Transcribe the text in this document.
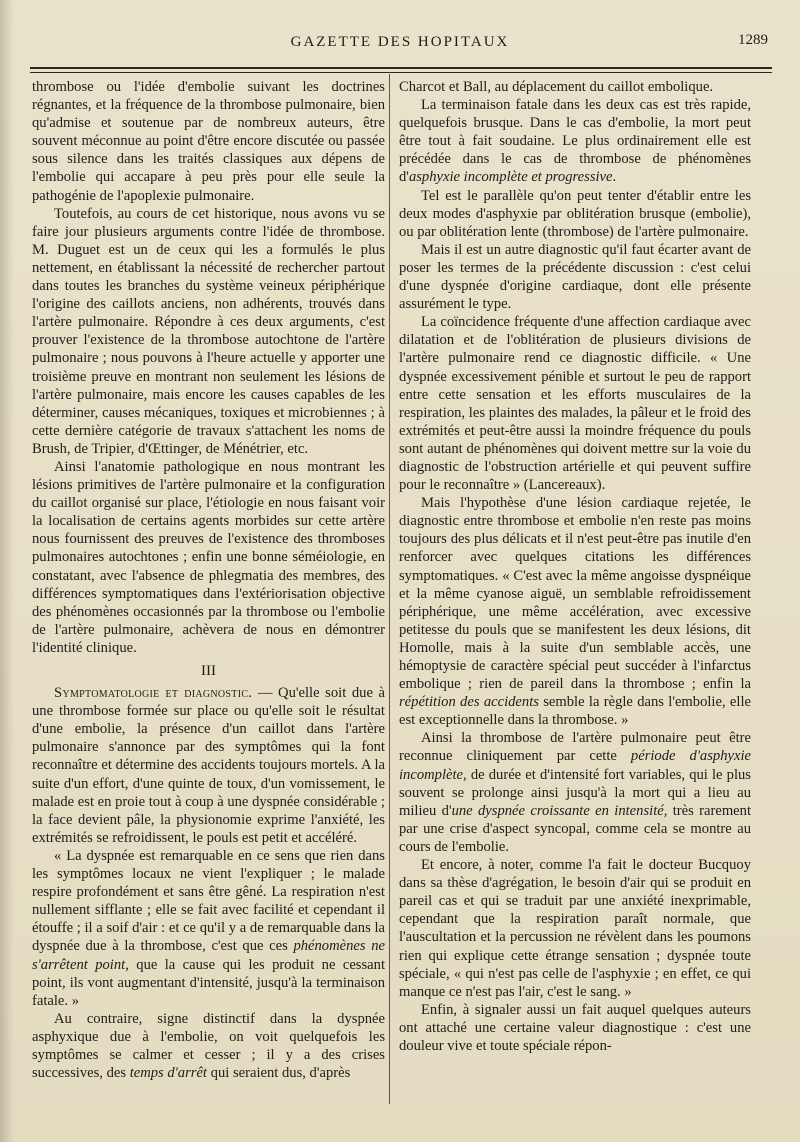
GAZETTE DES HOPITAUX	1289

thrombose ou l'idée d'embolie suivant les doctrines régnantes, et la fréquence de la thrombose pulmonaire, bien qu'admise et soutenue par de nombreux auteurs, être souvent méconnue au point d'être encore discutée ou passée sous silence dans les traités classiques aux dépens de l'embolie qui accapare à peu près pour elle seule la pathogénie de l'apoplexie pulmonaire.

Toutefois, au cours de cet historique, nous avons vu se faire jour plusieurs arguments contre l'idée de thrombose. M. Duguet est un de ceux qui les a formulés le plus nettement, en établissant la nécessité de rechercher partout dans toutes les branches du système veineux périphérique l'origine des caillots anciens, non adhérents, trouvés dans l'artère pulmonaire. Répondre à ces deux arguments, c'est prouver l'existence de la thrombose autochtone de l'artère pulmonaire ; nous pouvons à l'heure actuelle y apporter une troisième preuve en montrant non seulement les lésions de l'artère pulmonaire, mais encore les causes capables de les déterminer, causes mécaniques, toxiques et microbiennes ; à cette dernière catégorie de travaux s'attachent les noms de Brush, de Tripier, d'Œttinger, de Ménétrier, etc.

Ainsi l'anatomie pathologique en nous montrant les lésions primitives de l'artère pulmonaire et la configuration du caillot organisé sur place, l'étiologie en nous faisant voir la localisation de certains agents morbides sur cette artère nous fournissent des preuves de l'existence des thromboses pulmonaires autochtones ; enfin une bonne séméiologie, en constatant, avec l'absence de phlegmatia des membres, des différences symptomatiques dans l'extériorisation objective des phénomènes occasionnés par la thrombose ou l'embolie de l'artère pulmonaire, achèvera de nous en démontrer l'identité clinique.

III

Symptomatologie et diagnostic. — Qu'elle soit due à une thrombose formée sur place ou qu'elle soit le résultat d'une embolie, la présence d'un caillot dans l'artère pulmonaire s'annonce par des symptômes qui la font reconnaître et détermine des accidents toujours mortels. A la suite d'un effort, d'une quinte de toux, d'un vomissement, le malade est en proie tout à coup à une dyspnée considérable ; la face devient pâle, la physionomie exprime l'anxiété, les extrémités se refroidissent, le pouls est petit et accéléré.

« La dyspnée est remarquable en ce sens que rien dans les symptômes locaux ne vient l'expliquer ; le malade respire profondément et sans être gêné. La respiration n'est nullement sifflante ; elle se fait avec facilité et cependant il étouffe ; il a soif d'air : et ce qu'il y a de remarquable dans la dyspnée due à la thrombose, c'est que ces phénomènes ne s'arrêtent point, que la cause qui les produit ne cessant point, ils vont augmentant d'intensité, jusqu'à la terminaison fatale. »

Au contraire, signe distinctif dans la dyspnée asphyxique due à l'embolie, on voit quelquefois les symptômes se calmer et cesser ; il y a des crises successives, des temps d'arrêt qui seraient dus, d'après

Charcot et Ball, au déplacement du caillot embolique.

La terminaison fatale dans les deux cas est très rapide, quelquefois brusque. Dans le cas d'embolie, la mort peut être tout à fait soudaine. Le plus ordinairement elle est précédée dans le cas de thrombose de phénomènes d'asphyxie incomplète et progressive.

Tel est le parallèle qu'on peut tenter d'établir entre les deux modes d'asphyxie par oblitération brusque (embolie), ou par oblitération lente (thrombose) de l'artère pulmonaire.

Mais il est un autre diagnostic qu'il faut écarter avant de poser les termes de la précédente discussion : c'est celui d'une dyspnée d'origine cardiaque, dont elle présente assurément le type.

La coïncidence fréquente d'une affection cardiaque avec dilatation et de l'oblitération de plusieurs divisions de l'artère pulmonaire rend ce diagnostic difficile. « Une dyspnée excessivement pénible et surtout le peu de rapport entre cette sensation et les efforts musculaires de la respiration, les plaintes des malades, la pâleur et le froid des extrémités et peut-être aussi la moindre fréquence du pouls sont autant de phénomènes qui doivent mettre sur la voie du diagnostic de l'obstruction artérielle et qui peuvent suffire pour le reconnaître » (Lancereaux).

Mais l'hypothèse d'une lésion cardiaque rejetée, le diagnostic entre thrombose et embolie n'en reste pas moins toujours des plus délicats et il n'est peut-être pas inutile d'en renforcer avec quelques citations les différences symptomatiques. « C'est avec la même angoisse dyspnéique et la même cyanose aiguë, un semblable refroidissement périphérique, une même accélération, avec excessive petitesse du pouls que se manifestent les deux lésions, dit Homolle, mais à la suite d'un semblable accès, une hémoptysie de caractère spécial peut succéder à l'infarctus embolique ; rien de pareil dans la thrombose ; enfin la répétition des accidents semble la règle dans l'embolie, elle est exceptionnelle dans la thrombose. »

Ainsi la thrombose de l'artère pulmonaire peut être reconnue cliniquement par cette période d'asphyxie incomplète, de durée et d'intensité fort variables, qui le plus souvent se prolonge ainsi jusqu'à la mort qui a lieu au milieu d'une dyspnée croissante en intensité, très rarement par une crise d'aspect syncopal, comme cela se montre au cours de l'embolie.

Et encore, à noter, comme l'a fait le docteur Bucquoy dans sa thèse d'agrégation, le besoin d'air qui se produit en pareil cas et qui se traduit par une anxiété inexprimable, cependant que la respiration paraît normale, que l'auscultation et la percussion ne révèlent dans les poumons rien qui explique cette étrange sensation ; dyspnée toute spéciale, « qui n'est pas celle de l'asphyxie ; en effet, ce qui manque ce n'est pas l'air, c'est le sang. »

Enfin, à signaler aussi un fait auquel quelques auteurs ont attaché une certaine valeur diagnostique : c'est une douleur vive et toute spéciale répon-
